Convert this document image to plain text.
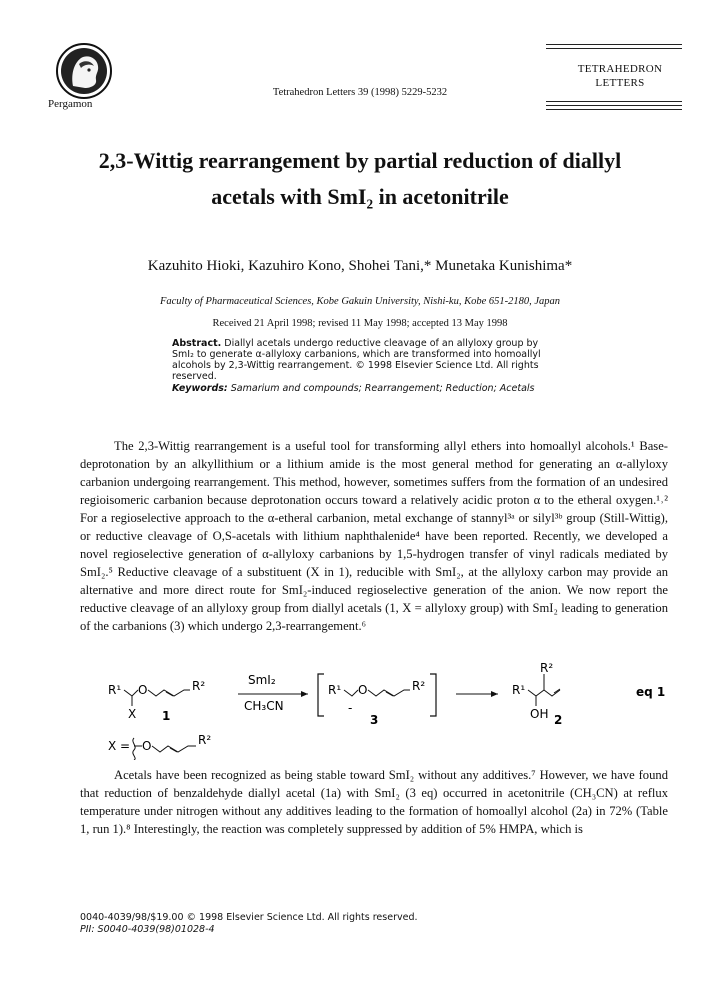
Pergamon
Tetrahedron Letters 39 (1998) 5229-5232
TETRAHEDRON
LETTERS
2,3-Wittig rearrangement by partial reduction of diallyl
acetals with SmI₂ in acetonitrile
Kazuhito Hioki, Kazuhiro Kono, Shohei Tani,* Munetaka Kunishima*
Faculty of Pharmaceutical Sciences, Kobe Gakuin University, Nishi-ku, Kobe 651-2180, Japan
Received 21 April 1998; revised 11 May 1998; accepted 13 May 1998
Abstract. Diallyl acetals undergo reductive cleavage of an allyloxy group by SmI₂ to generate α-allyloxy carbanions, which are transformed into homoallyl alcohols by 2,3-Wittig rearrangement. © 1998 Elsevier Science Ltd. All rights reserved.
Keywords: Samarium and compounds; Rearrangement; Reduction; Acetals
The 2,3-Wittig rearrangement is a useful tool for transforming allyl ethers into homoallyl alcohols.¹ Base-deprotonation by an alkyllithium or a lithium amide is the most general method for generating an α-allyloxy carbanion undergoing rearrangement. This method, however, sometimes suffers from the formation of an undesired regioisomeric carbanion because deprotonation occurs toward a relatively acidic proton α to the etheral oxygen.¹˒² For a regioselective approach to the α-etheral carbanion, metal exchange of stannyl³ᵃ or silyl³ᵇ group (Still-Wittig), or reductive cleavage of O,S-acetals with lithium naphthalenide⁴ have been reported. Recently, we developed a novel regioselective generation of α-allyloxy carbanions by 1,5-hydrogen transfer of vinyl radicals mediated by SmI₂.⁵ Reductive cleavage of a substituent (X in 1), reducible with SmI₂, at the allyloxy carbon may provide an alternative and more direct route for SmI₂-induced regioselective generation of the anion. We now report the reductive cleavage of an allyloxy group from diallyl acetals (1, X = allyloxy group) with SmI₂ leading to generation of the carbanions (3) which undergo 2,3-rearrangement.⁶
R¹
X
O	R²
1
SmI₂
CH₃CN
R¹
-
O	R²
3
R¹
R²
OH 2
eq 1
X = O	R²
Acetals have been recognized as being stable toward SmI₂ without any additives.⁷ However, we have found that reduction of benzaldehyde diallyl acetal (1a) with SmI₂ (3 eq) occurred in acetonitrile (CH₃CN) at reflux temperature under nitrogen without any additives leading to the formation of homoallyl alcohol (2a) in 72% (Table 1, run 1).⁸ Interestingly, the reaction was completely suppressed by addition of 5% HMPA, which is
0040-4039/98/$19.00 © 1998 Elsevier Science Ltd. All rights reserved.
PII: S0040-4039(98)01028-4
